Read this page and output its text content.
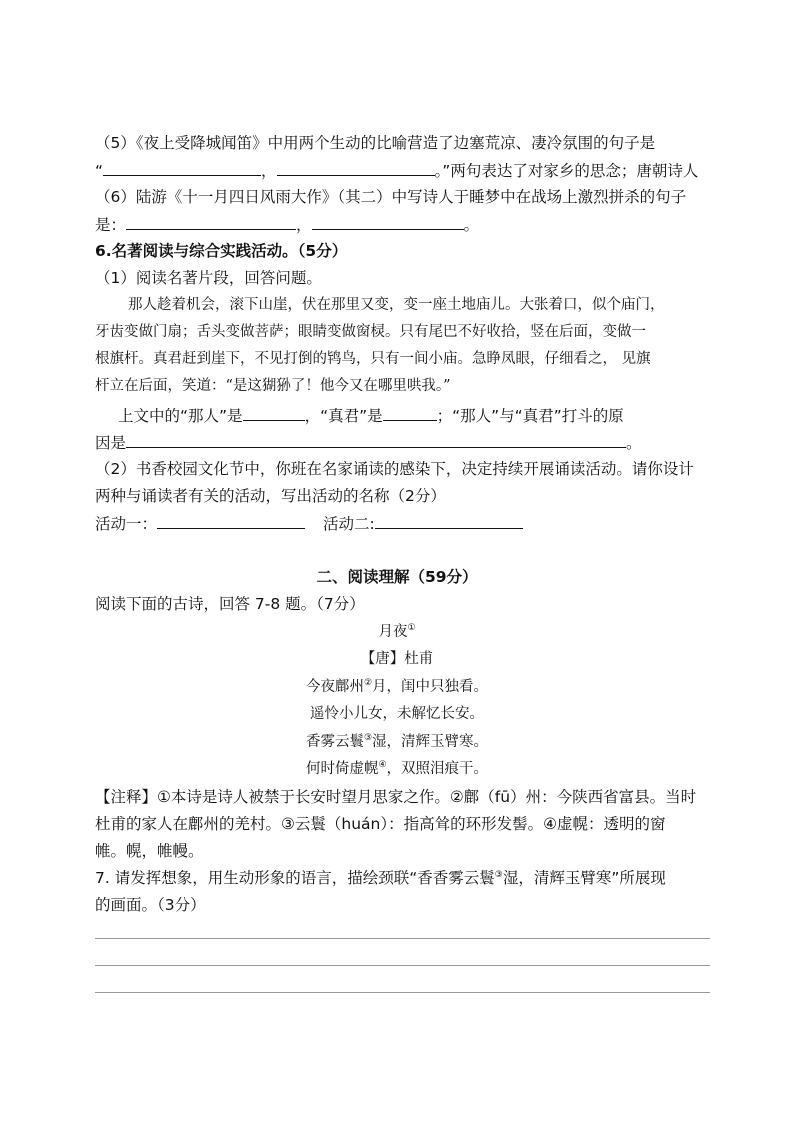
（5）《夜上受降城闻笛》中用两个生动的比喻营造了边塞荒凉、凄冷氛围的句子是
“	，	。”两句表达了对家乡的思念；唐朝诗人
（6）陆游《十一月四日风雨大作》（其二）中写诗人于睡梦中在战场上激烈拼杀的句子
是：	，	。
6.名著阅读与综合实践活动。（5分）
（1）阅读名著片段，回答问题。
那人趁着机会，滚下山崖，伏在那里又变，变一座土地庙儿。大张着口，似个庙门，
牙齿变做门扇；舌头变做菩萨；眼睛变做窗棂。只有尾巴不好收拾，竖在后面，变做一
根旗杆。真君赶到崖下，不见打倒的鸨鸟，只有一间小庙。急睁凤眼，仔细看之， 见旗
杆立在后面，笑道：“是这猢狲了！他今又在哪里哄我。”
上文中的“那人”是	，“真君”是	；“那人”与“真君”打斗的原
因是	。
（2）书香校园文化节中，你班在名家诵读的感染下，决定持续开展诵读活动。请你设计
两种与诵读者有关的活动，写出活动的名称（2分）
活动一：	活动二:
二、阅读理解（59分）
阅读下面的古诗，回答 7-8 题。（7分）
月夜①
【唐】杜甫
今夜鄜州②月，闺中只独看。
遥怜小儿女，未解忆长安。
香雾云鬟③湿，清辉玉臂寒。
何时倚虚幌④，双照泪痕干。
【注释】①本诗是诗人被禁于长安时望月思家之作。②鄜（fū）州：今陕西省富县。当时
杜甫的家人在鄜州的羌村。③云鬟（huán）：指高耸的环形发髻。④虚幌：透明的窗
帷。幌，帷幔。
7. 请发挥想象，用生动形象的语言，描绘颈联“香香雾云鬟③湿，清辉玉臂寒”所展现
的画面。（3分）
